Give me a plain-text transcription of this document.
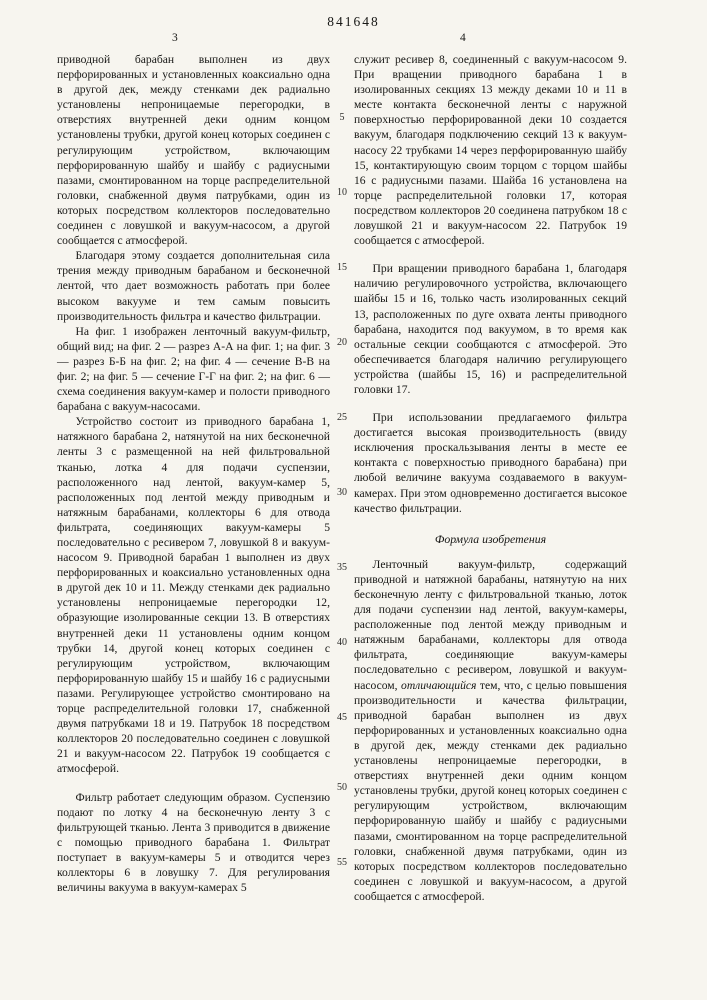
841648
3	4

приводной барабан выполнен из двух перфорированных и установленных коаксиально одна в другой дек, между стенками дек радиально установлены непроницаемые перегородки, в отверстиях внутренней деки одним концом установлены трубки, другой конец которых соединен с регулирующим устройством, включающим перфорированную шайбу и шайбу с радиусными пазами, смонтированном на торце распределительной головки, снабженной двумя патрубками, один из которых посредством коллекторов последовательно соединен с ловушкой и вакуум-насосом, а другой сообщается с атмосферой.

Благодаря этому создается дополнительная сила трения между приводным барабаном и бесконечной лентой, что дает возможность работать при более высоком вакууме и тем самым повысить производительность фильтра и качество фильтрации.

На фиг. 1 изображен ленточный вакуум-фильтр, общий вид; на фиг. 2 — разрез А-А на фиг. 1; на фиг. 3 — разрез Б-Б на фиг. 2; на фиг. 4 — сечение В-В на фиг. 2; на фиг. 5 — сечение Г-Г на фиг. 2; на фиг. 6 — схема соединения вакуум-камер и полости приводного барабана с вакуум-насосами.

Устройство состоит из приводного барабана 1, натяжного барабана 2, натянутой на них бесконечной ленты 3 с размещенной на ней фильтровальной тканью, лотка 4 для подачи суспензии, расположенного над лентой, вакуум-камер 5, расположенных под лентой между приводным и натяжным барабанами, коллекторы 6 для отвода фильтрата, соединяющих вакуум-камеры 5 последовательно с ресивером 7, ловушкой 8 и вакуум-насосом 9. Приводной барабан 1 выполнен из двух перфорированных и коаксиально установленных одна в другой дек 10 и 11. Между стенками дек радиально установлены непроницаемые перегородки 12, образующие изолированные секции 13. В отверстиях внутренней деки 11 установлены одним концом трубки 14, другой конец которых соединен с регулирующим устройством, включающим перфорированную шайбу 15 и шайбу 16 с радиусными пазами. Регулирующее устройство смонтировано на торце распределительной головки 17, снабженной двумя патрубками 18 и 19. Патрубок 18 посредством коллекторов 20 последовательно соединен с ловушкой 21 и вакуум-насосом 22. Патрубок 19 сообщается с атмосферой.

Фильтр работает следующим образом. Суспензию подают по лотку 4 на бесконечную ленту 3 с фильтрующей тканью. Лента 3 приводится в движение с помощью приводного барабана 1. Фильтрат поступает в вакуум-камеры 5 и отводится через коллекторы 6 в ловушку 7. Для регулирования величины вакуума в вакуум-камерах 5

5
10
15
20
25
30
35
40
45
50
55

служит ресивер 8, соединенный с вакуум-насосом 9. При вращении приводного барабана 1 в изолированных секциях 13 между деками 10 и 11 в месте контакта бесконечной ленты с наружной поверхностью перфорированной деки 10 создается вакуум, благодаря подключению секций 13 к вакуум-насосу 22 трубками 14 через перфорированную шайбу 15, контактирующую своим торцом с торцом шайбы 16 с радиусными пазами. Шайба 16 установлена на торце распределительной головки 17, которая посредством коллекторов 20 соединена патрубком 18 с ловушкой 21 и вакуум-насосом 22. Патрубок 19 сообщается с атмосферой.

При вращении приводного барабана 1, благодаря наличию регулировочного устройства, включающего шайбы 15 и 16, только часть изолированных секций 13, расположенных по дуге охвата ленты приводного барабана, находится под вакуумом, в то время как остальные секции сообщаются с атмосферой. Это обеспечивается благодаря наличию регулирующего устройства (шайбы 15, 16) и распределительной головки 17.

При использовании предлагаемого фильтра достигается высокая производительность (ввиду исключения проскальзывания ленты в месте ее контакта с поверхностью приводного барабана) при любой величине вакуума создаваемого в вакуум-камерах. При этом одновременно достигается высокое качество фильтрации.

Формула изобретения

Ленточный вакуум-фильтр, содержащий приводной и натяжной барабаны, натянутую на них бесконечную ленту с фильтровальной тканью, лоток для подачи суспензии над лентой, вакуум-камеры, расположенные под лентой между приводным и натяжным барабанами, коллекторы для отвода фильтрата, соединяющие вакуум-камеры последовательно с ресивером, ловушкой и вакуум-насосом, отличающийся тем, что, с целью повышения производительности и качества фильтрации, приводной барабан выполнен из двух перфорированных и установленных коаксиально одна в другой дек, между стенками дек радиально установлены непроницаемые перегородки, в отверстиях внутренней деки одним концом установлены трубки, другой конец которых соединен с регулирующим устройством, включающим перфорированную шайбу и шайбу с радиусными пазами, смонтированном на торце распределительной головки, снабженной двумя патрубками, один из которых посредством коллекторов последовательно соединен с ловушкой и вакуум-насосом, а другой сообщается с атмосферой.
